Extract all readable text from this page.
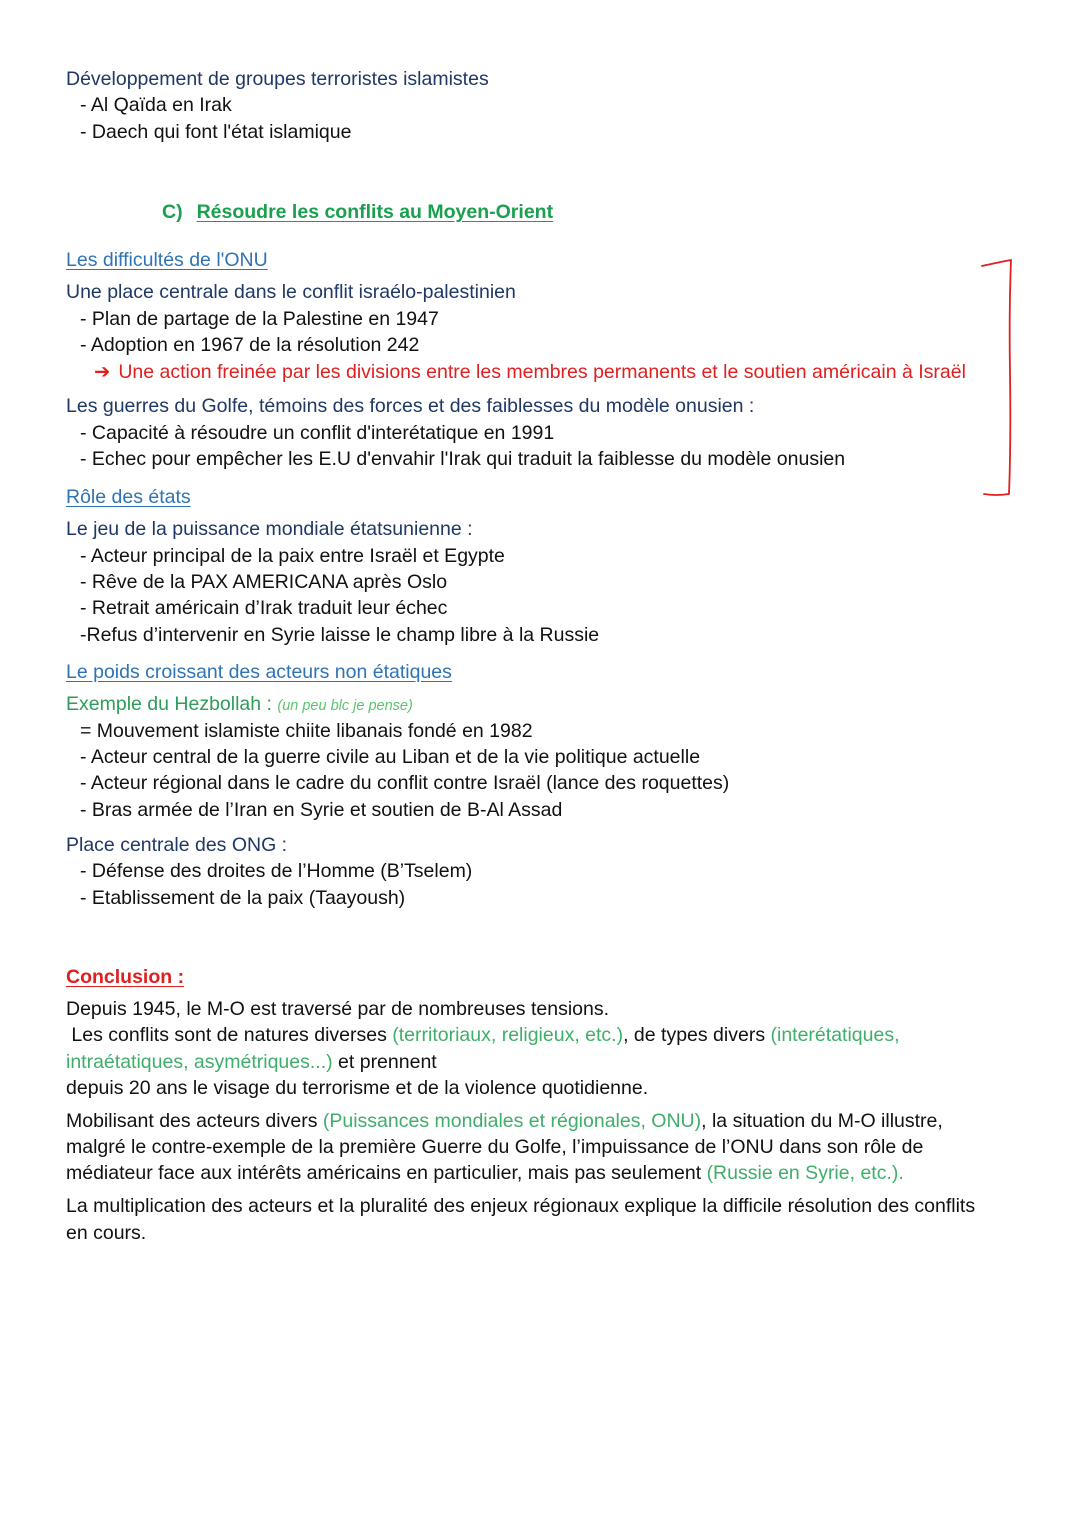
Développement de groupes terroristes islamistes
- Al Qaïda en Irak
- Daech qui font l'état islamique
C) Résoudre les conflits au Moyen-Orient
Les difficultés de l'ONU
Une place centrale dans le conflit israélo-palestinien
- Plan de partage de la Palestine en 1947
- Adoption en 1967 de la résolution 242
➔ Une action freinée par les divisions entre les membres permanents et le soutien américain à Israël
Les guerres du Golfe, témoins des forces et des faiblesses du modèle onusien :
- Capacité à résoudre un conflit d'interétatique en 1991
- Echec pour empêcher les E.U d'envahir l'Irak qui traduit la faiblesse du modèle onusien
Rôle des états
Le jeu de la puissance mondiale étatsunienne :
- Acteur principal de la paix entre Israël et Egypte
- Rêve de la PAX AMERICANA après Oslo
- Retrait américain d’Irak traduit leur échec
-Refus d’intervenir en Syrie laisse le champ libre à la Russie
Le poids croissant des acteurs non étatiques
Exemple du Hezbollah : (un peu blc je pense)
= Mouvement islamiste chiite libanais fondé en 1982
- Acteur central de la guerre civile au Liban et de la vie politique actuelle
- Acteur régional dans le cadre du conflit contre Israël (lance des roquettes)
- Bras armée de l’Iran en Syrie et soutien de B-Al Assad
Place centrale des ONG :
- Défense des droites de l’Homme (B’Tselem)
- Etablissement de la paix (Taayoush)
Conclusion :
Depuis 1945, le M-O est traversé par de nombreuses tensions.
Les conflits sont de natures diverses (territoriaux, religieux, etc.), de types divers (interétatiques,
intraétatiques, asymétriques...) et prennent
depuis 20 ans le visage du terrorisme et de la violence quotidienne.
Mobilisant des acteurs divers (Puissances mondiales et régionales, ONU), la situation du M-O illustre,
malgré le contre-exemple de la première Guerre du Golfe, l’impuissance de l’ONU dans son rôle de
médiateur face aux intérêts américains en particulier, mais pas seulement (Russie en Syrie, etc.).
La multiplication des acteurs et la pluralité des enjeux régionaux explique la difficile résolution des conflits
en cours.
